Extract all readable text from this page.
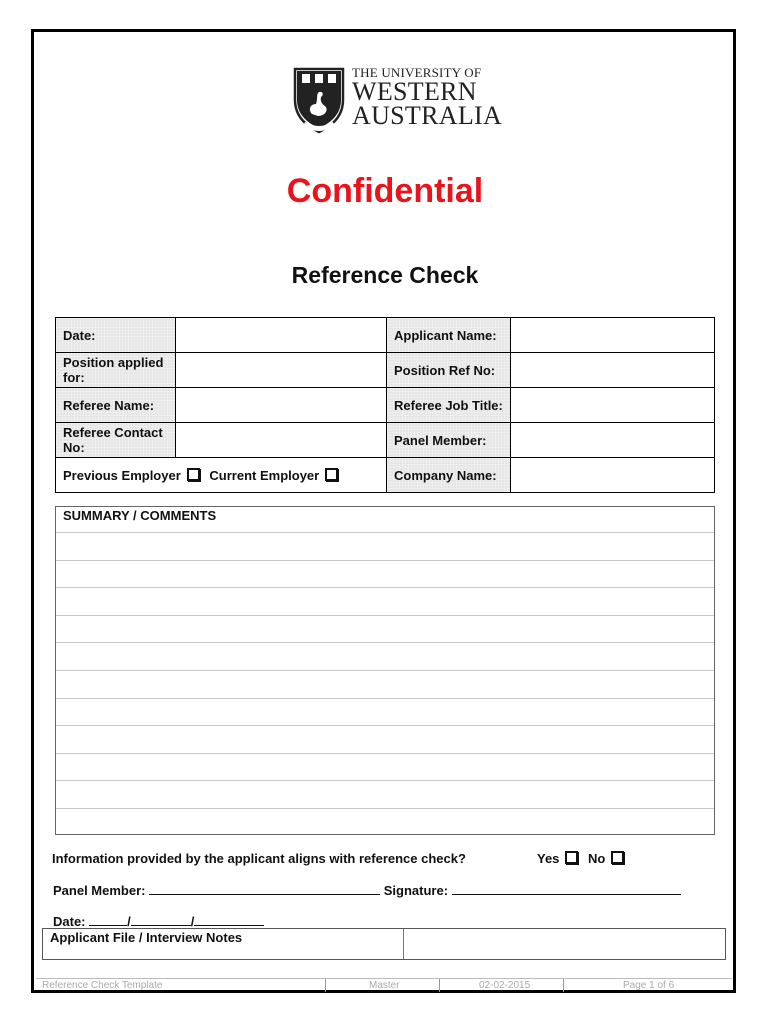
THE UNIVERSITY OF
WESTERN
AUSTRALIA
Confidential
Reference Check
Date:		Applicant Name:	
Position applied for:		Position Ref No:	
Referee Name:		Referee Job Title:	
Referee Contact No:		Panel Member:	
Previous Employer Current Employer		Company Name:	
SUMMARY / COMMENTS
Information provided by the applicant aligns with reference check?	Yes No
Panel Member:	Signature:
Date:	/	/
Applicant File / Interview Notes
Reference Check Template	Master	02-02-2015	Page 1 of 6
